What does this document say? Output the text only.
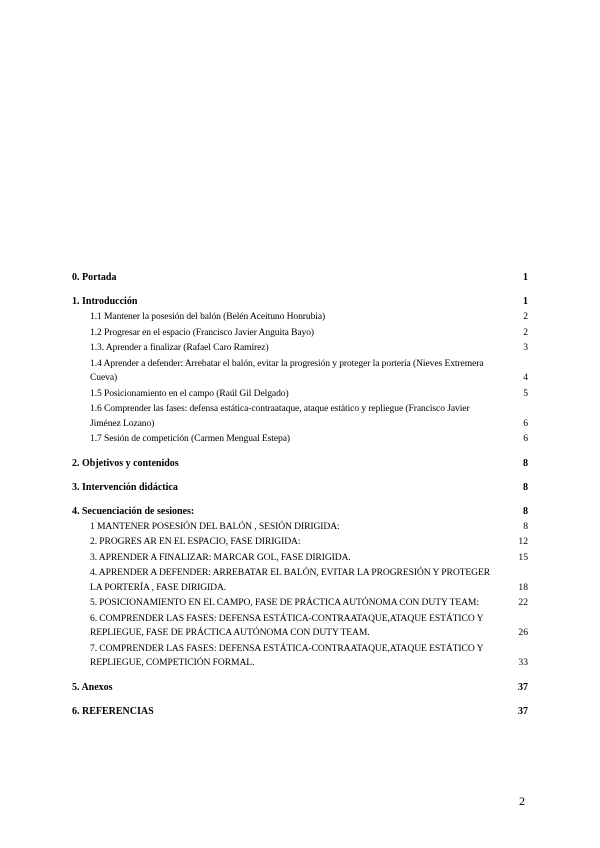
0. Portada	1
1. Introducción	1
1.1 Mantener la posesión del balón (Belén Aceituno Honrubia)	2
1.2 Progresar en el espacio (Francisco Javier Anguita Bayo)	2
1.3. Aprender a finalizar (Rafael Caro Ramírez)	3
1.4 Aprender a defender: Arrebatar el balón, evitar la progresión y proteger la portería (Nieves Extremera Cueva)	4
1.5 Posicionamiento en el campo (Raúl Gil Delgado)	5
1.6 Comprender las fases: defensa estática-contraataque, ataque estático y repliegue (Francisco Javier Jiménez Lozano)	6
1.7 Sesión de competición (Carmen Mengual Estepa)	6
2. Objetivos y contenidos	8
3. Intervención didáctica	8
4. Secuenciación de sesiones:	8
1 MANTENER POSESIÓN DEL BALÓN , SESIÓN DIRIGIDA:	8
2. PROGRES AR EN EL ESPACIO, FASE DIRIGIDA:	12
3. APRENDER A FINALIZAR: MARCAR GOL, FASE DIRIGIDA.	15
4. APRENDER A DEFENDER: ARREBATAR EL BALÓN, EVITAR LA PROGRESIÓN Y PROTEGER LA PORTERÍA , FASE DIRIGIDA.	18
5. POSICIONAMIENTO EN EL CAMPO, FASE DE PRÁCTICA AUTÓNOMA CON DUTY TEAM:	22
6. COMPRENDER LAS FASES: DEFENSA ESTÁTICA-CONTRAATAQUE,ATAQUE ESTÁTICO Y REPLIEGUE, FASE DE PRÁCTICA AUTÓNOMA CON DUTY TEAM.	26
7. COMPRENDER LAS FASES: DEFENSA ESTÁTICA-CONTRAATAQUE,ATAQUE ESTÁTICO Y REPLIEGUE, COMPETICIÓN FORMAL.	33
5. Anexos	37
6. REFERENCIAS	37
2
